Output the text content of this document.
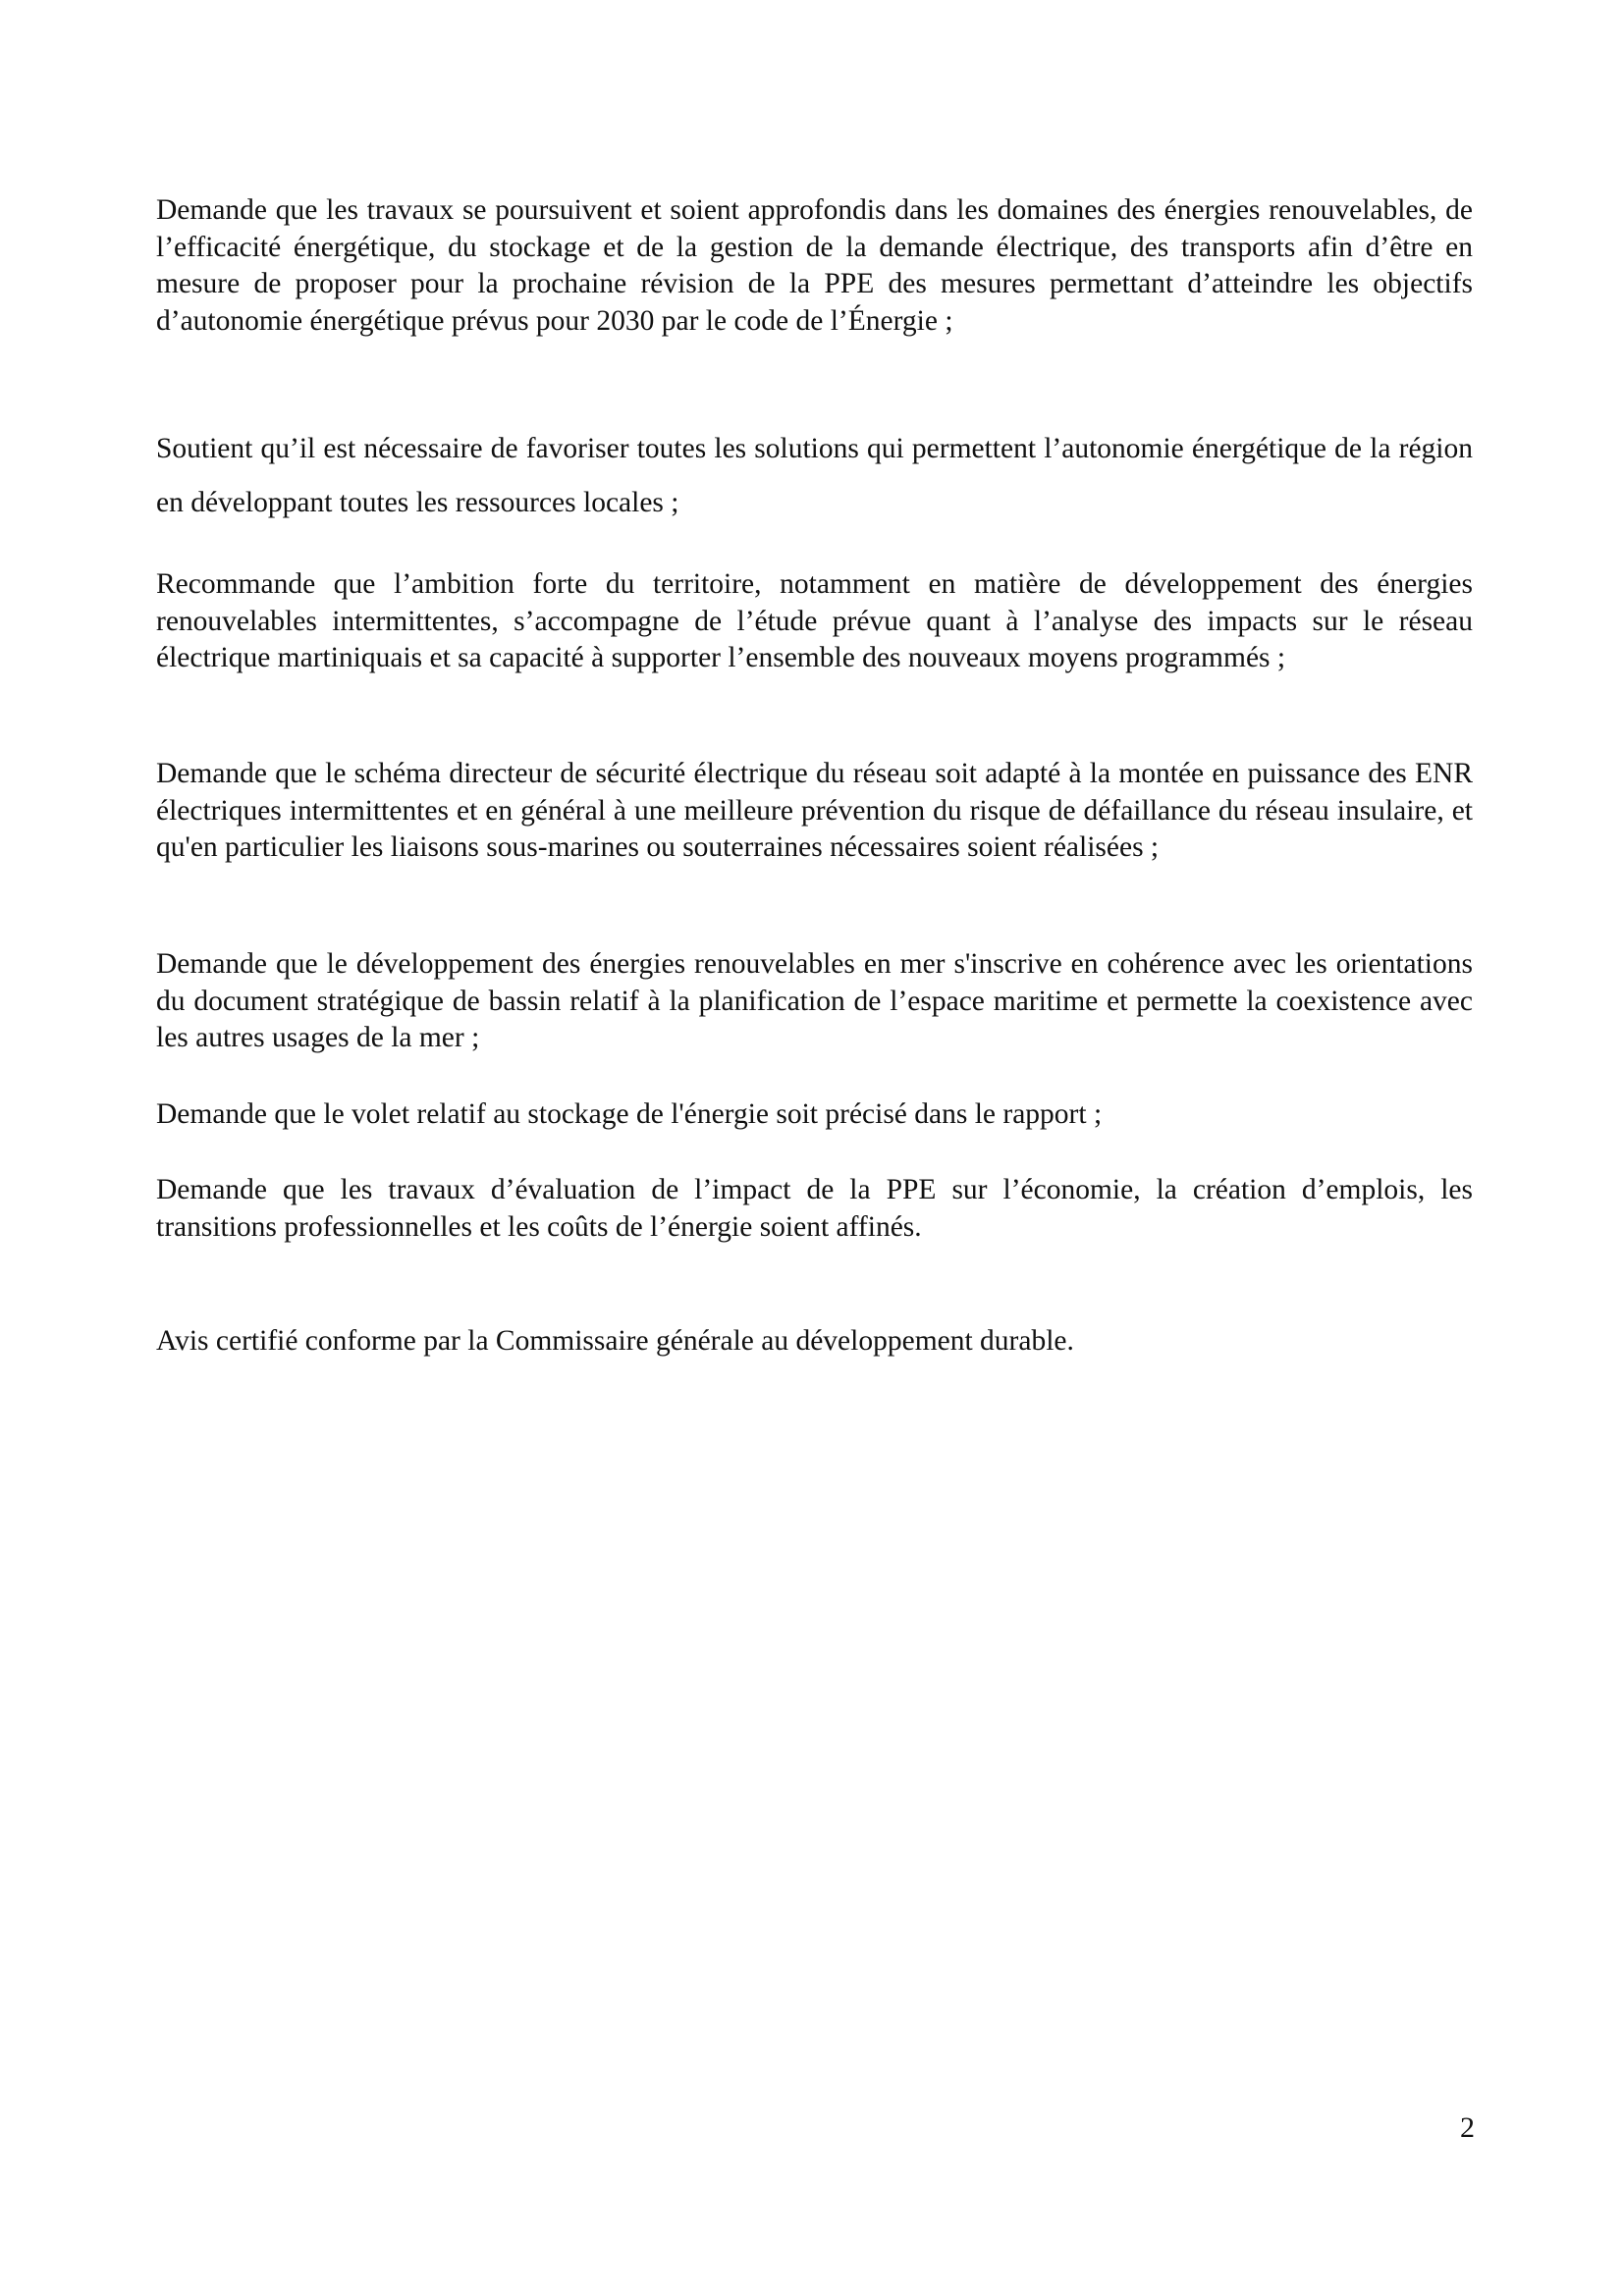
Demande que les travaux se poursuivent et soient approfondis dans les domaines des énergies renouvelables, de l’efficacité énergétique, du stockage et de la gestion de la demande électrique, des transports afin d’être en mesure de proposer pour la prochaine révision de la PPE des mesures permettant d’atteindre les objectifs d’autonomie énergétique prévus pour 2030 par le code de l’Énergie ;

Soutient qu’il est nécessaire de favoriser toutes les solutions qui permettent l’autonomie énergétique de la région en développant toutes les ressources locales ;

Recommande que l’ambition forte du territoire, notamment en matière de développement des énergies renouvelables intermittentes, s’accompagne de l’étude prévue quant à l’analyse des impacts sur le réseau électrique martiniquais et sa capacité à supporter l’ensemble des nouveaux moyens programmés ;

Demande que le schéma directeur de sécurité électrique du réseau soit adapté à la montée en puissance des ENR électriques intermittentes et en général à une meilleure prévention du risque de défaillance du réseau insulaire, et qu'en particulier les liaisons sous-marines ou souterraines nécessaires soient réalisées ;

Demande que le développement des énergies renouvelables en mer s'inscrive en cohérence avec les orientations du document stratégique de bassin relatif à la planification de l’espace maritime et permette la coexistence avec les autres usages de la mer ;

Demande que le volet relatif au stockage de l'énergie soit précisé dans le rapport ;

Demande que les travaux d’évaluation de l’impact de la PPE sur l’économie, la création d’emplois, les transitions professionnelles et les coûts de l’énergie soient affinés.

Avis certifié conforme par la Commissaire générale au développement durable.

2
